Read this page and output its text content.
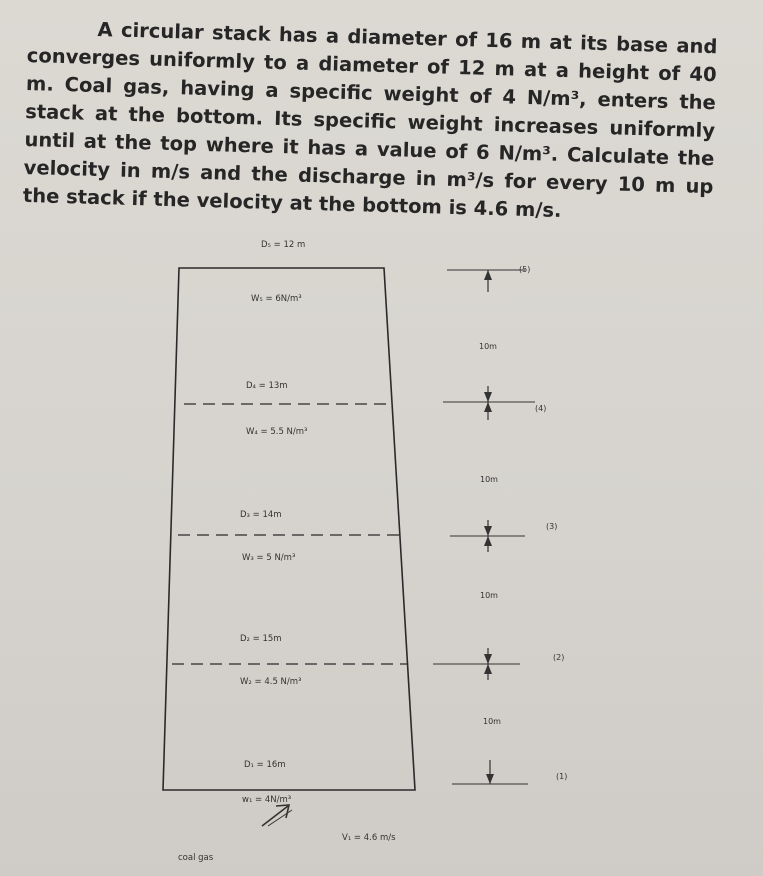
A circular stack has a diameter of 16 m at its base and converges uniformly to a diameter of 12 m at a height of 40 m. Coal gas, having a specific weight of 4 N/m³, enters the stack at the bottom. Its specific weight increases uniformly until at the top where it has a value of 6 N/m³. Calculate the velocity in m/s and the discharge in m³/s for every 10 m up the stack if the velocity at the bottom is 4.6 m/s.

D₅ = 12 m
W₅ = 6N/m³
D₄ = 13m
W₄ = 5.5 N/m³
D₃ = 14m
W₃ = 5 N/m³
D₂ = 15m
W₂ = 4.5 N/m³
D₁ = 16m
w₁ = 4N/m³
V₁ = 4.6 m/s
coal gas
10m
10m
10m
10m
(5)
(4)
(3)
(2)
(1)
